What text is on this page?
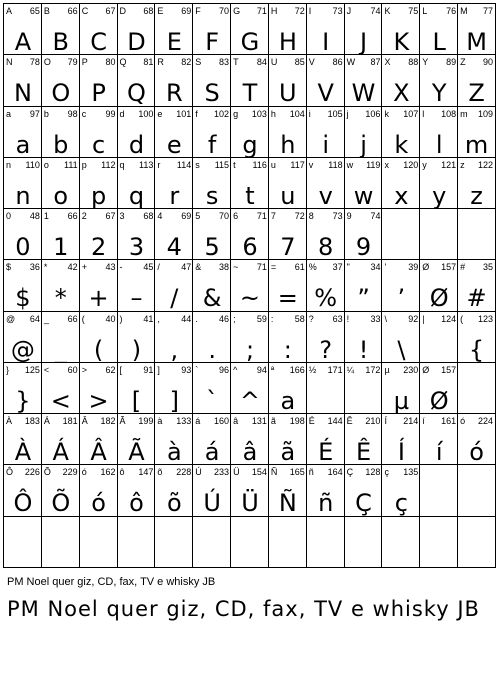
A 65
A
B 66
B
C 67
C
D 68
D
E 69
E
F 70
F
G 71
G
H 72
H
I 73
I
J 74
J
K 75
K
L 76
L
M 77
M
N 78
N
O 79
O
P 80
P
Q 81
Q
R 82
R
S 83
S
T 84
T
U 85
U
V 86
V
W 87
W
X 88
X
Y 89
Y
Z 90
Z
a 97
a
b 98
b
c 99
c
d 100
d
e 101
e
f 102
f
g 103
g
h 104
h
i 105
i
j 106
j
k 107
k
l 108
l
m 109
m
n 110
n
o 111
o
p 112
p
q 113
q
r 114
r
s 115
s
t 116
t
u 117
u
v 118
v
w 119
w
x 120
x
y 121
y
z 122
z
0 48
0
1 66
1
2 67
2
3 68
3
4 69
4
5 70
5
6 71
6
7 72
7
8 73
8
9 74
9
$ 36
$
* 42
*
+ 43
+
- 45
–
/ 47
/
& 38
&
~ 71
~
= 61
=
% 37
%
" 34
”
' 39
’
Ø 157
Ø
# 35
#
@ 64
@
_ 66
_
( 40
(
) 41
)
, 44
,
. 46
.
; 59
;
: 58
:
? 63
?
! 33
!
\ 92
\
| 124 ( 123
{
} 125
}
< 60
<
> 62
>
[ 91
[
] 93
]
` 96
`
^ 94
^
ª 166
a
½ 171 ¼ 172 µ 230
µ
Ø 157
Ø
À 183
À
Á 181
Á
Â 182
Â
Ã 199
Ã
à 133
à
á 160
á
â 131
â
ã 198
ã
É 144
É
Ê 210
Ê
Í 214
Í
í 161
í
ó 224
ó
Ô 226
Ô
Õ 229
Õ
ó 162
ó
ô 147
ô
õ 228
õ
Ú 233
Ú
Ü 154
Ü
Ñ 165
Ñ
ñ 164
ñ
Ç 128
Ç
ç 135
ç
PM Noel quer giz, CD, fax, TV e whisky JB
PM Noel quer giz, CD, fax, TV e whisky JB
